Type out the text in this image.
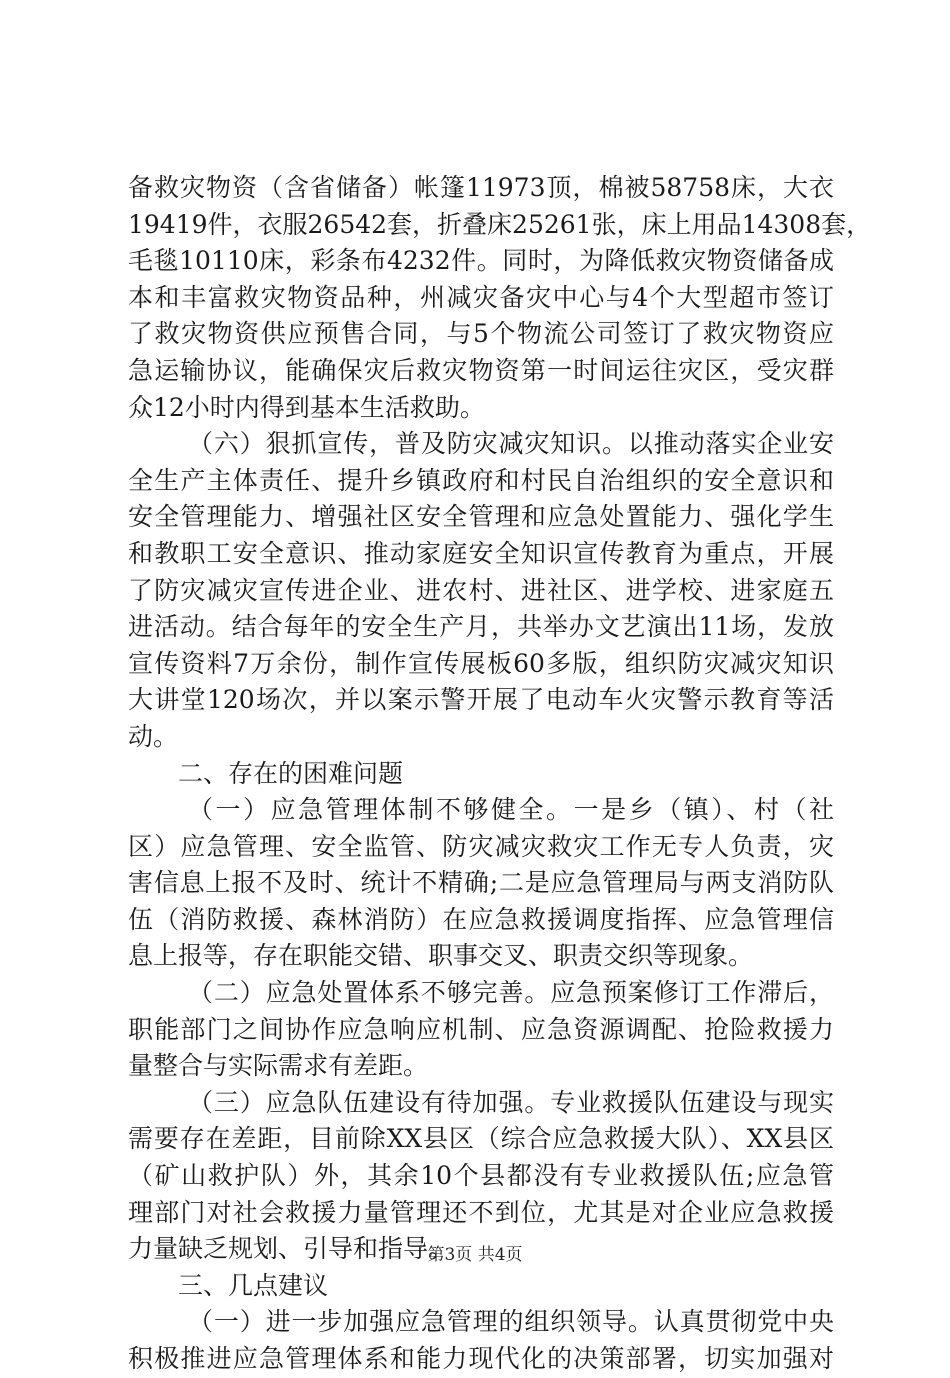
备救灾物资（含省储备）帐篷11973顶，棉被58758床，大衣
19419件，衣服26542套，折叠床25261张，床上用品14308套，
毛毯10110床，彩条布4232件。同时，为降低救灾物资储备成
本和丰富救灾物资品种，州减灾备灾中心与4个大型超市签订
了救灾物资供应预售合同，与5个物流公司签订了救灾物资应
急运输协议，能确保灾后救灾物资第一时间运往灾区，受灾群
众12小时内得到基本生活救助。
（六）狠抓宣传，普及防灾减灾知识。以推动落实企业安
全生产主体责任、提升乡镇政府和村民自治组织的安全意识和
安全管理能力、增强社区安全管理和应急处置能力、强化学生
和教职工安全意识、推动家庭安全知识宣传教育为重点，开展
了防灾减灾宣传进企业、进农村、进社区、进学校、进家庭五
进活动。结合每年的安全生产月，共举办文艺演出11场，发放
宣传资料7万余份，制作宣传展板60多版，组织防灾减灾知识
大讲堂120场次，并以案示警开展了电动车火灾警示教育等活
动。
二、存在的困难问题
（一）应急管理体制不够健全。一是乡（镇）、村（社
区）应急管理、安全监管、防灾减灾救灾工作无专人负责，灾
害信息上报不及时、统计不精确;二是应急管理局与两支消防队
伍（消防救援、森林消防）在应急救援调度指挥、应急管理信
息上报等，存在职能交错、职事交叉、职责交织等现象。
（二）应急处置体系不够完善。应急预案修订工作滞后，
职能部门之间协作应急响应机制、应急资源调配、抢险救援力
量整合与实际需求有差距。
（三）应急队伍建设有待加强。专业救援队伍建设与现实
需要存在差距，目前除XX县区（综合应急救援大队）、XX县区
（矿山救护队）外，其余10个县都没有专业救援队伍;应急管
理部门对社会救援力量管理还不到位，尤其是对企业应急救援
力量缺乏规划、引导和指导。
三、几点建议
（一）进一步加强应急管理的组织领导。认真贯彻党中央
积极推进应急管理体系和能力现代化的决策部署，切实加强对
第3页 共4页
